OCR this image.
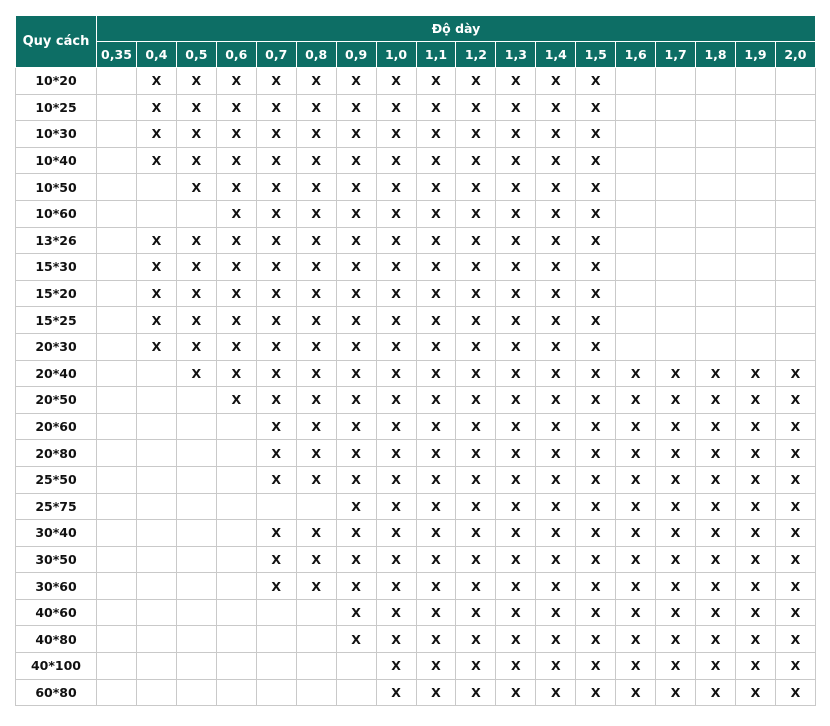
Quy cách	Độ dày																	
	0,35	0,4	0,5	0,6	0,7	0,8	0,9	1,0	1,1	1,2	1,3	1,4	1,5	1,6	1,7	1,8	1,9	2,0
10*20		X	X	X	X	X	X	X	X	X	X	X	X					
10*25		X	X	X	X	X	X	X	X	X	X	X	X					
10*30		X	X	X	X	X	X	X	X	X	X	X	X					
10*40		X	X	X	X	X	X	X	X	X	X	X	X					
10*50			X	X	X	X	X	X	X	X	X	X	X					
10*60				X	X	X	X	X	X	X	X	X	X					
13*26		X	X	X	X	X	X	X	X	X	X	X	X					
15*30		X	X	X	X	X	X	X	X	X	X	X	X					
15*20		X	X	X	X	X	X	X	X	X	X	X	X					
15*25		X	X	X	X	X	X	X	X	X	X	X	X					
20*30		X	X	X	X	X	X	X	X	X	X	X	X					
20*40			X	X	X	X	X	X	X	X	X	X	X	X	X	X	X	X
20*50				X	X	X	X	X	X	X	X	X	X	X	X	X	X	X
20*60					X	X	X	X	X	X	X	X	X	X	X	X	X	X
20*80					X	X	X	X	X	X	X	X	X	X	X	X	X	X
25*50					X	X	X	X	X	X	X	X	X	X	X	X	X	X
25*75							X	X	X	X	X	X	X	X	X	X	X	X
30*40					X	X	X	X	X	X	X	X	X	X	X	X	X	X
30*50					X	X	X	X	X	X	X	X	X	X	X	X	X	X
30*60					X	X	X	X	X	X	X	X	X	X	X	X	X	X
40*60							X	X	X	X	X	X	X	X	X	X	X	X
40*80							X	X	X	X	X	X	X	X	X	X	X	X
40*100								X	X	X	X	X	X	X	X	X	X	X
60*80								X	X	X	X	X	X	X	X	X	X	X
